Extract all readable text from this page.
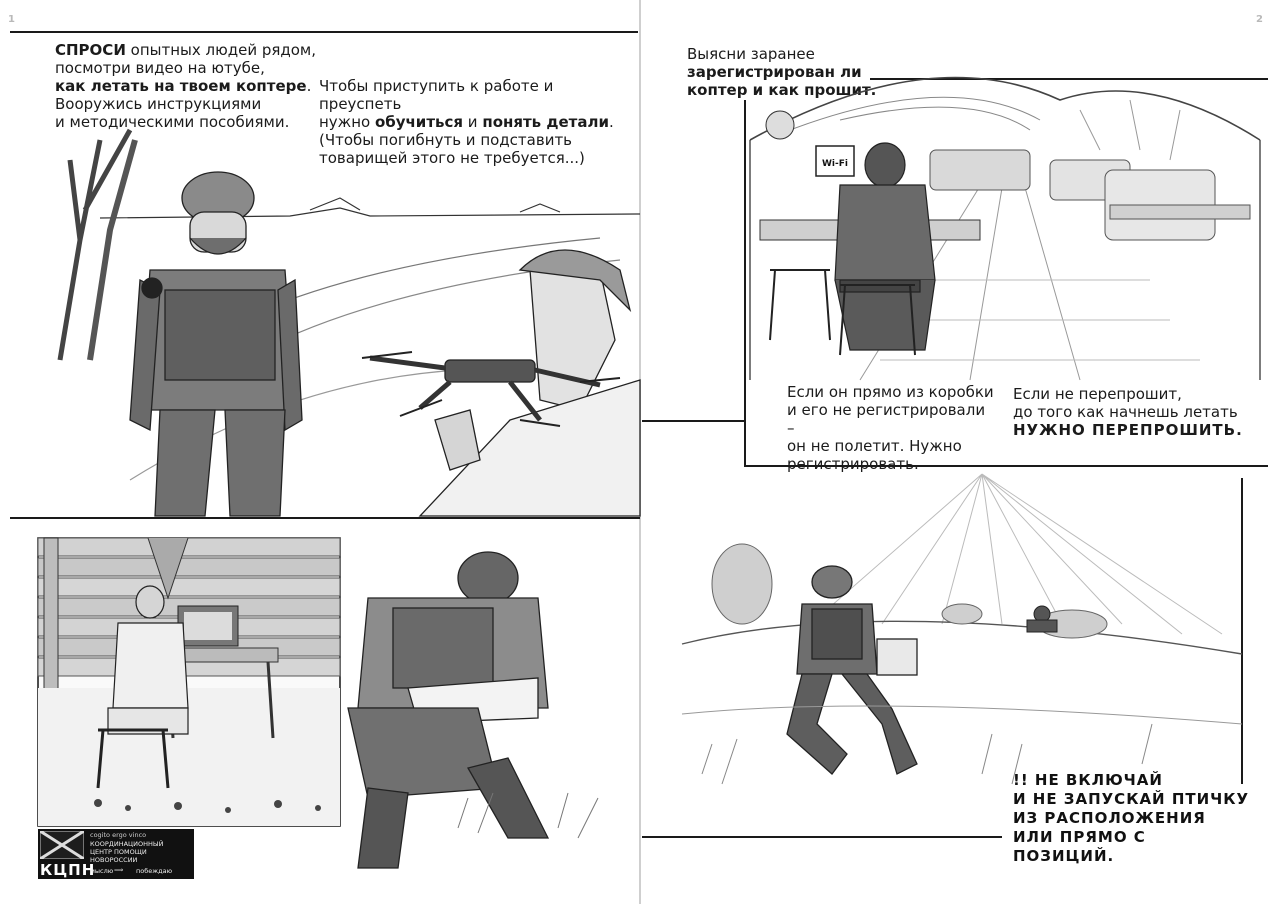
1	2
СПРОСИ опытных людей рядом,
посмотри видео на ютубе,
как летать на твоем коптере.
Вооружись инструкциями
и методическими пособиями.
Чтобы приступить к работе и преуспеть
нужно обучиться и понять детали.
(Чтобы погибнуть и подставить
товарищей этого не требуется...)
Выясни заранее
зарегистрирован ли
коптер и как прошит.
Wi-Fi
Если он прямо из коробки
и его не регистрировали –
он не полетит. Нужно
регистрировать.
Если не перепрошит,
до того как начнешь летать
НУЖНО ПЕРЕПРОШИТЬ.
cogito ergo vinco
КООРДИНАЦИОННЫЙ
ЦЕНТР ПОМОЩИ
НОВОРОССИИ
КЦПН
мыслю ⟹ побеждаю
!! НЕ ВКЛЮЧАЙ
И НЕ ЗАПУСКАЙ ПТИЧКУ
ИЗ РАСПОЛОЖЕНИЯ
ИЛИ ПРЯМО С ПОЗИЦИЙ.
